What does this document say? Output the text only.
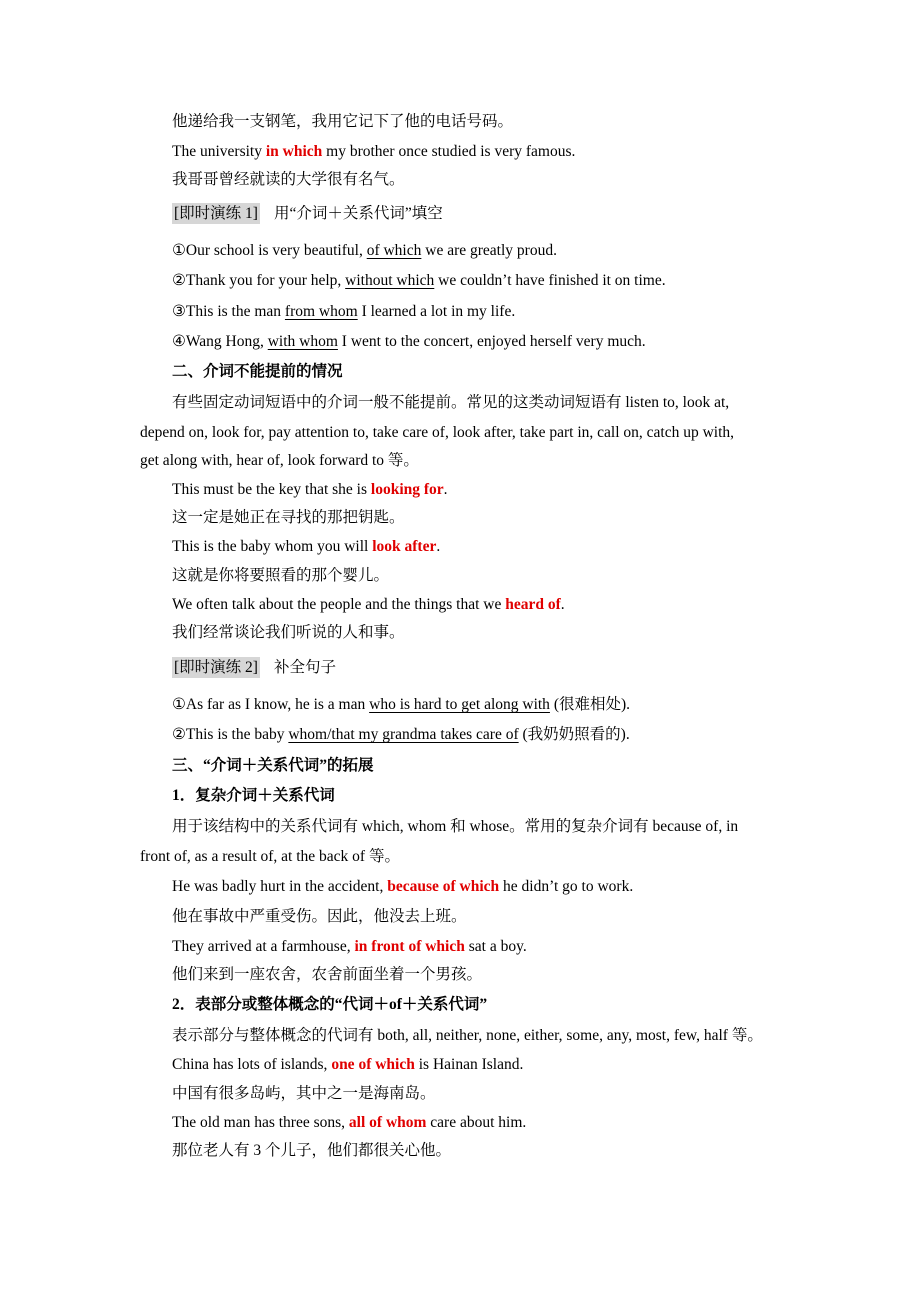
他递给我一支钢笔，我用它记下了他的电话号码。
The university in which my brother once studied is very famous.
我哥哥曾经就读的大学很有名气。
[即时演练 1] 用“介词＋关系代词”填空
①Our school is very beautiful, of which we are greatly proud.
②Thank you for your help, without which we couldn’t have finished it on time.
③This is the man from whom I learned a lot in my life.
④Wang Hong, with whom I went to the concert, enjoyed herself very much.
二、介词不能提前的情况
有些固定动词短语中的介词一般不能提前。常见的这类动词短语有 listen to, look at,
depend on, look for, pay attention to, take care of, look after, take part in, call on, catch up with,
get along with, hear of, look forward to 等。
This must be the key that she is looking for.
这一定是她正在寻找的那把钥匙。
This is the baby whom you will look after.
这就是你将要照看的那个婴儿。
We often talk about the people and the things that we heard of.
我们经常谈论我们听说的人和事。
[即时演练 2] 补全句子
①As far as I know, he is a man who is hard to get along with (很难相处).
②This is the baby whom/that my grandma takes care of (我奶奶照看的).
三、“介词＋关系代词”的拓展
1．复杂介词＋关系代词
用于该结构中的关系代词有 which, whom 和 whose。常用的复杂介词有 because of, in
front of, as a result of, at the back of 等。
He was badly hurt in the accident, because of which he didn’t go to work.
他在事故中严重受伤。因此，他没去上班。
They arrived at a farmhouse, in front of which sat a boy.
他们来到一座农舍，农舍前面坐着一个男孩。
2．表部分或整体概念的“代词＋of＋关系代词”
表示部分与整体概念的代词有 both, all, neither, none, either, some, any, most, few, half 等。
China has lots of islands, one of which is Hainan Island.
中国有很多岛屿，其中之一是海南岛。
The old man has three sons, all of whom care about him.
那位老人有 3 个儿子，他们都很关心他。
